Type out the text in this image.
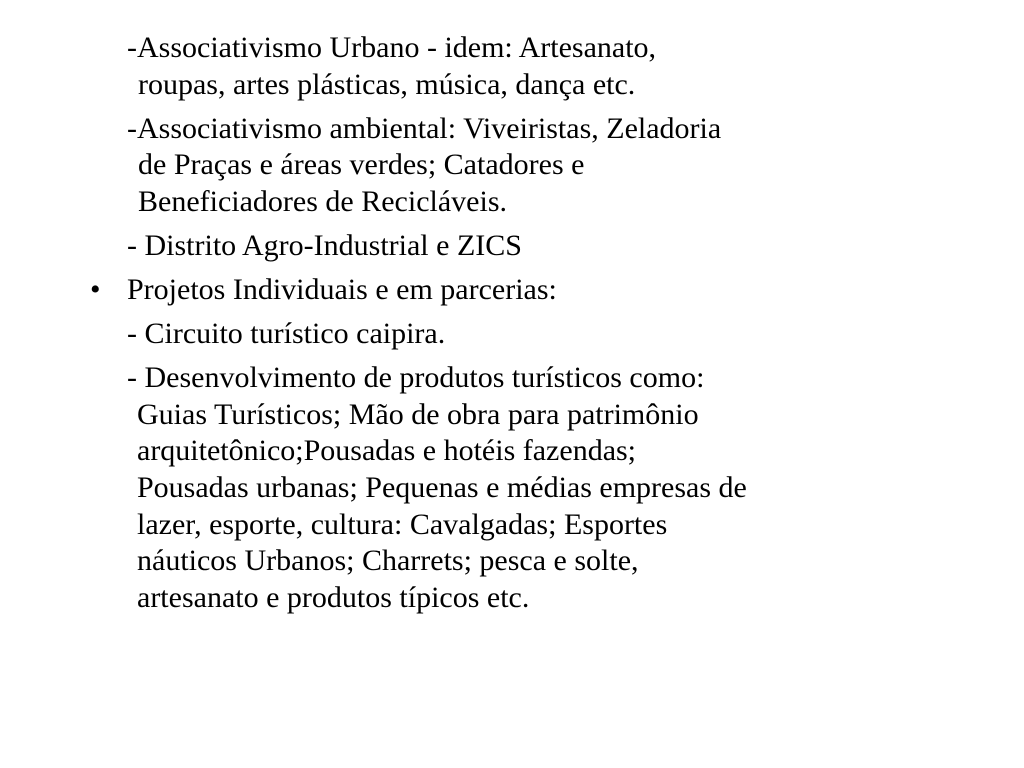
-Associativismo Urbano - idem: Artesanato,
roupas, artes plásticas, música, dança etc.
-Associativismo ambiental: Viveiristas, Zeladoria
de Praças e áreas verdes; Catadores e
Beneficiadores de Recicláveis.
- Distrito Agro-Industrial e ZICS
• Projetos Individuais e em parcerias:
- Circuito turístico caipira.
- Desenvolvimento de produtos turísticos como:
Guias Turísticos; Mão de obra para patrimônio
arquitetônico;Pousadas e hotéis fazendas;
Pousadas urbanas; Pequenas e médias empresas de
lazer, esporte, cultura: Cavalgadas; Esportes
náuticos Urbanos; Charrets; pesca e solte,
artesanato e produtos típicos etc.
